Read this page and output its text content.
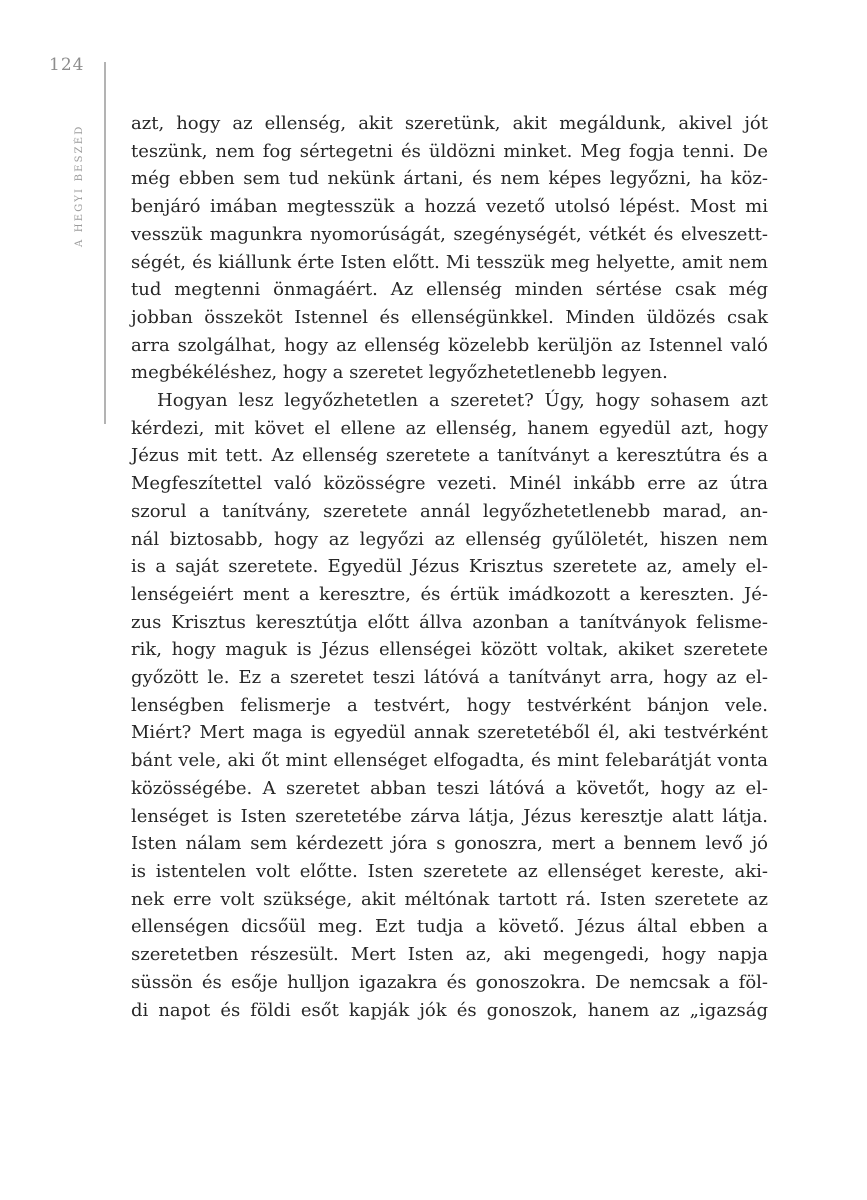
124
A HEGYI BESZÉD
azt, hogy az ellenség, akit szeretünk, akit megáldunk, akivel jót
teszünk, nem fog sértegetni és üldözni minket. Meg fogja tenni. De
még ebben sem tud nekünk ártani, és nem képes legyőzni, ha köz-
benjáró imában megtesszük a hozzá vezető utolsó lépést. Most mi
vesszük magunkra nyomorúságát, szegénységét, vétkét és elveszett-
ségét, és kiállunk érte Isten előtt. Mi tesszük meg helyette, amit nem
tud megtenni önmagáért. Az ellenség minden sértése csak még
jobban összeköt Istennel és ellenségünkkel. Minden üldözés csak
arra szolgálhat, hogy az ellenség közelebb kerüljön az Istennel való
megbékéléshez, hogy a szeretet legyőzhetetlenebb legyen.
Hogyan lesz legyőzhetetlen a szeretet? Úgy, hogy sohasem azt
kérdezi, mit követ el ellene az ellenség, hanem egyedül azt, hogy
Jézus mit tett. Az ellenség szeretete a tanítványt a keresztútra és a
Megfeszítettel való közösségre vezeti. Minél inkább erre az útra
szorul a tanítvány, szeretete annál legyőzhetetlenebb marad, an-
nál biztosabb, hogy az legyőzi az ellenség gyűlöletét, hiszen nem
is a saját szeretete. Egyedül Jézus Krisztus szeretete az, amely el-
lenségeiért ment a keresztre, és értük imádkozott a kereszten. Jé-
zus Krisztus keresztútja előtt állva azonban a tanítványok felisme-
rik, hogy maguk is Jézus ellenségei között voltak, akiket szeretete
győzött le. Ez a szeretet teszi látóvá a tanítványt arra, hogy az el-
lenségben felismerje a testvért, hogy testvérként bánjon vele.
Miért? Mert maga is egyedül annak szeretetéből él, aki testvérként
bánt vele, aki őt mint ellenséget elfogadta, és mint felebarátját vonta
közösségébe. A szeretet abban teszi látóvá a követőt, hogy az el-
lenséget is Isten szeretetébe zárva látja, Jézus keresztje alatt látja.
Isten nálam sem kérdezett jóra s gonoszra, mert a bennem levő jó
is istentelen volt előtte. Isten szeretete az ellenséget kereste, aki-
nek erre volt szüksége, akit méltónak tartott rá. Isten szeretete az
ellenségen dicsőül meg. Ezt tudja a követő. Jézus által ebben a
szeretetben részesült. Mert Isten az, aki megengedi, hogy napja
süssön és esője hulljon igazakra és gonoszokra. De nemcsak a föl-
di napot és földi esőt kapják jók és gonoszok, hanem az „igazság
